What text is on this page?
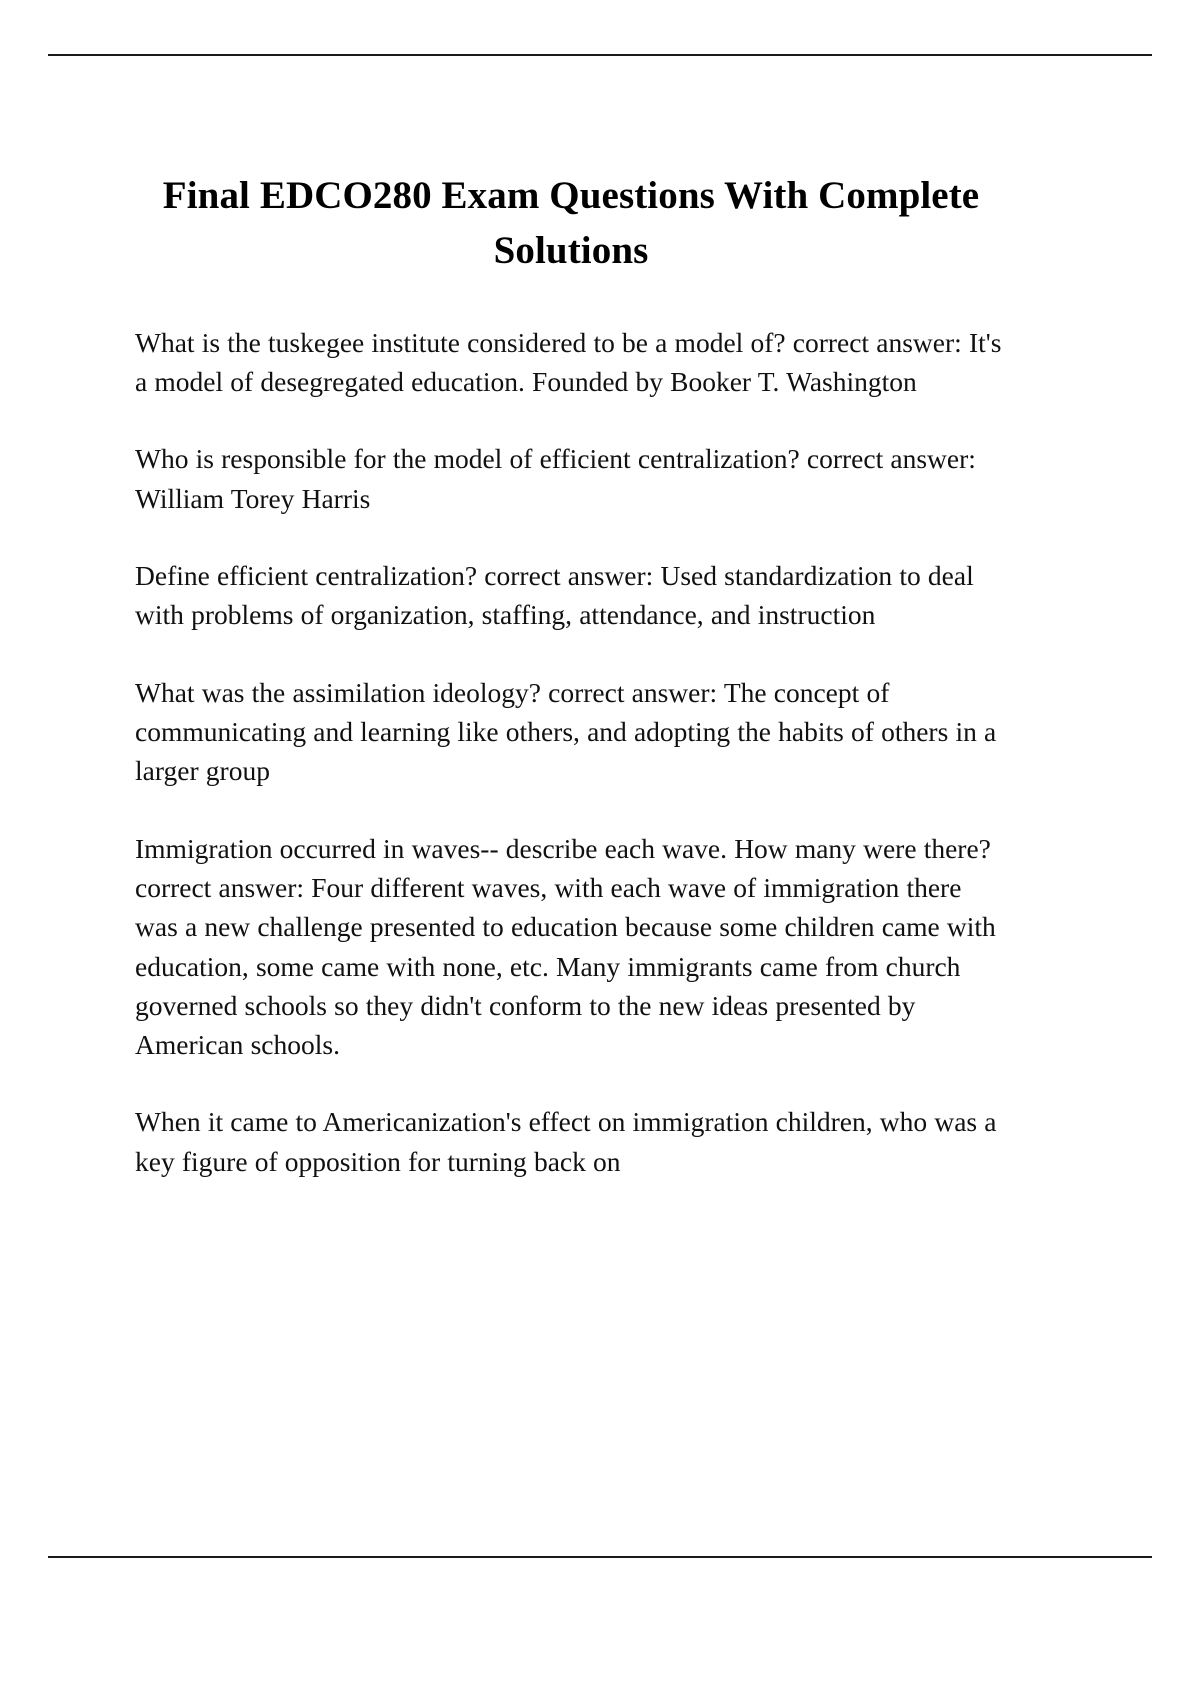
Final EDCO280 Exam Questions With Complete Solutions

What is the tuskegee institute considered to be a model of? correct answer: It's a model of desegregated education. Founded by Booker T. Washington

Who is responsible for the model of efficient centralization? correct answer: William Torey Harris

Define efficient centralization? correct answer: Used standardization to deal with problems of organization, staffing, attendance, and instruction

What was the assimilation ideology? correct answer: The concept of communicating and learning like others, and adopting the habits of others in a larger group

Immigration occurred in waves-- describe each wave. How many were there? correct answer: Four different waves, with each wave of immigration there was a new challenge presented to education because some children came with education, some came with none, etc. Many immigrants came from church governed schools so they didn't conform to the new ideas presented by American schools.

When it came to Americanization's effect on immigration children, who was a key figure of opposition for turning back on
